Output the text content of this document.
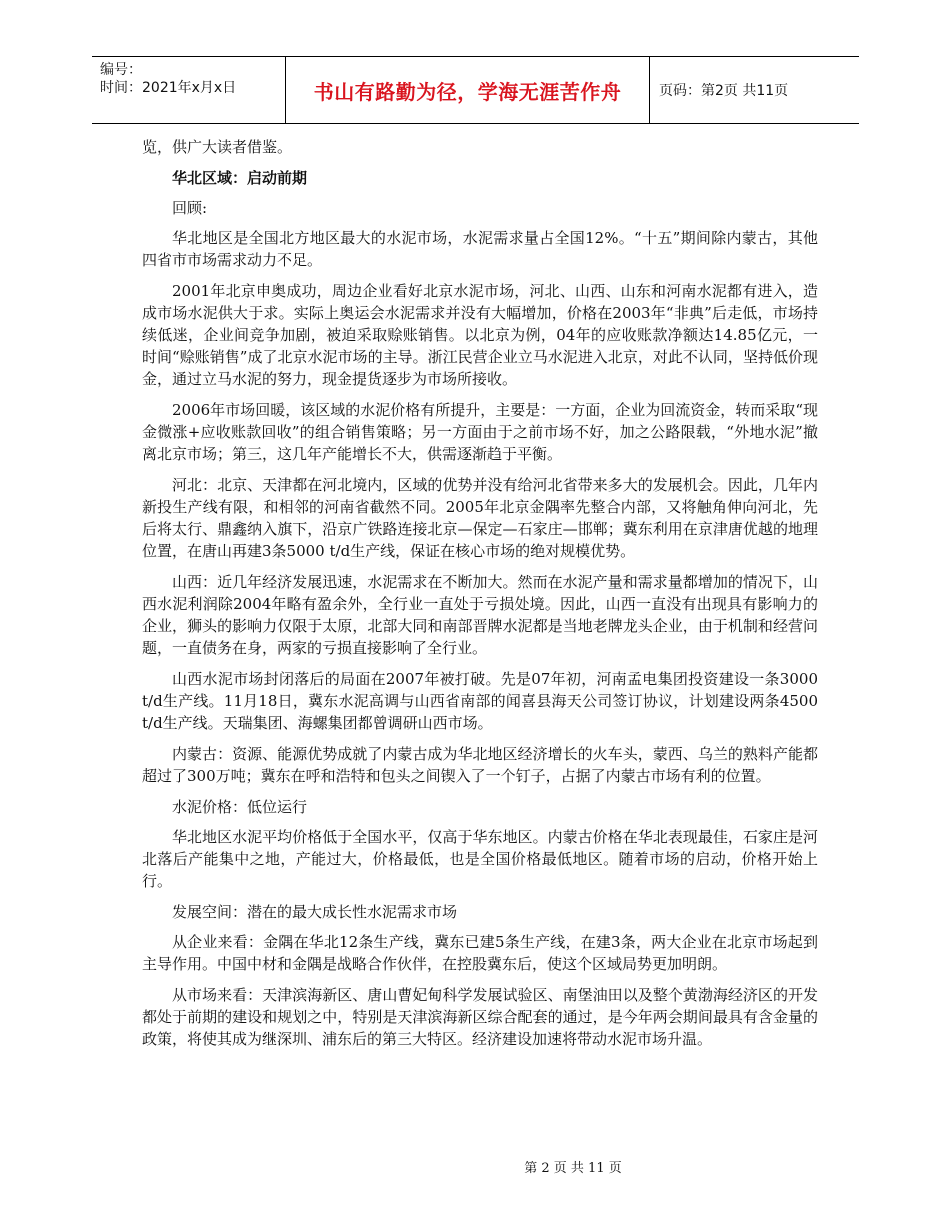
编号：
时间：2021年x月x日	书山有路勤为径，学海无涯苦作舟	页码：第2页 共11页

览，供广大读者借鉴。

华北区域：启动前期

回顾:

华北地区是全国北方地区最大的水泥市场，水泥需求量占全国12%。“十五”期间除内蒙古，其他四省市市场需求动力不足。

2001年北京申奥成功，周边企业看好北京水泥市场，河北、山西、山东和河南水泥都有进入，造成市场水泥供大于求。实际上奥运会水泥需求并没有大幅增加，价格在2003年“非典”后走低，市场持续低迷，企业间竞争加剧，被迫采取赊账销售。以北京为例，04年的应收账款净额达14.85亿元，一时间“赊账销售”成了北京水泥市场的主导。浙江民营企业立马水泥进入北京，对此不认同，坚持低价现金，通过立马水泥的努力，现金提货逐步为市场所接收。

2006年市场回暖，该区域的水泥价格有所提升，主要是：一方面，企业为回流资金，转而采取“现金微涨+应收账款回收”的组合销售策略；另一方面由于之前市场不好，加之公路限载，“外地水泥”撤离北京市场；第三，这几年产能增长不大，供需逐渐趋于平衡。

河北：北京、天津都在河北境内，区域的优势并没有给河北省带来多大的发展机会。因此，几年内新投生产线有限，和相邻的河南省截然不同。2005年北京金隅率先整合内部，又将触角伸向河北，先后将太行、鼎鑫纳入旗下，沿京广铁路连接北京—保定—石家庄—邯郸；冀东利用在京津唐优越的地理位置，在唐山再建3条5000 t/d生产线，保证在核心市场的绝对规模优势。

山西：近几年经济发展迅速，水泥需求在不断加大。然而在水泥产量和需求量都增加的情况下，山西水泥利润除2004年略有盈余外，全行业一直处于亏损处境。因此，山西一直没有出现具有影响力的企业，狮头的影响力仅限于太原，北部大同和南部晋牌水泥都是当地老牌龙头企业，由于机制和经营问题，一直债务在身，两家的亏损直接影响了全行业。

山西水泥市场封闭落后的局面在2007年被打破。先是07年初，河南孟电集团投资建设一条3000 t/d生产线。11月18日，冀东水泥高调与山西省南部的闻喜县海天公司签订协议，计划建设两条4500 t/d生产线。天瑞集团、海螺集团都曾调研山西市场。

内蒙古：资源、能源优势成就了内蒙古成为华北地区经济增长的火车头，蒙西、乌兰的熟料产能都超过了300万吨；冀东在呼和浩特和包头之间锲入了一个钉子，占据了内蒙古市场有利的位置。

水泥价格：低位运行

华北地区水泥平均价格低于全国水平，仅高于华东地区。内蒙古价格在华北表现最佳，石家庄是河北落后产能集中之地，产能过大，价格最低，也是全国价格最低地区。随着市场的启动，价格开始上行。

发展空间：潜在的最大成长性水泥需求市场

从企业来看：金隅在华北12条生产线，冀东已建5条生产线，在建3条，两大企业在北京市场起到主导作用。中国中材和金隅是战略合作伙伴，在控股冀东后，使这个区域局势更加明朗。

从市场来看：天津滨海新区、唐山曹妃甸科学发展试验区、南堡油田以及整个黄渤海经济区的开发都处于前期的建设和规划之中，特别是天津滨海新区综合配套的通过，是今年两会期间最具有含金量的政策，将使其成为继深圳、浦东后的第三大特区。经济建设加速将带动水泥市场升温。

第 2 页 共 11 页
